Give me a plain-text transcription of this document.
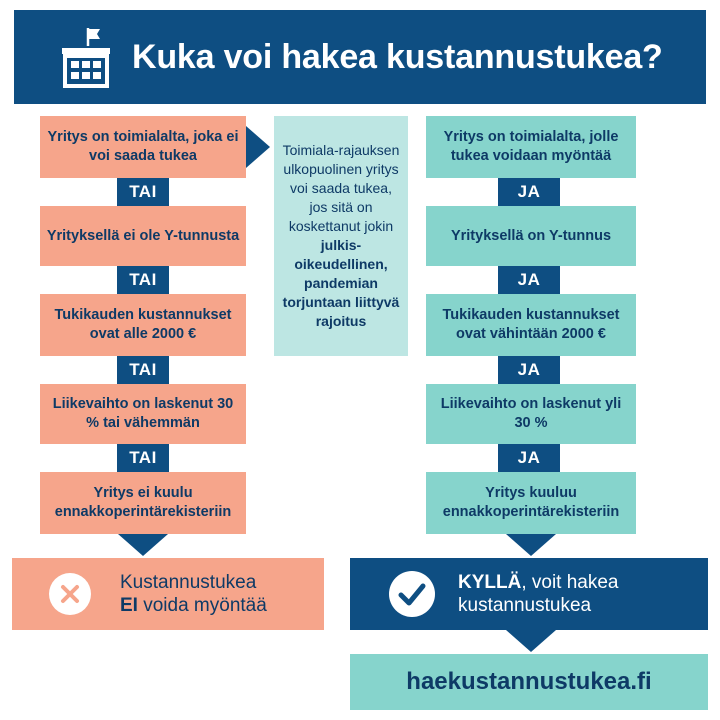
Kuka voi hakea kustannustukea?
Yritys on toimialalta, joka ei voi saada tukea
TAI
Yrityksellä ei ole Y-tunnusta
TAI
Tukikauden kustannukset ovat alle 2000 €
TAI
Liikevaihto on laskenut 30 % tai vähemmän
TAI
Yritys ei kuulu ennakkoperintärekisteriin
Toimiala-rajauksen ulkopuolinen yritys voi saada tukea, jos sitä on koskettanut jokin julkis-oikeudellinen, pandemian torjuntaan liittyvä rajoitus
Yritys on toimialalta, jolle tukea voidaan myöntää
JA
Yrityksellä on Y-tunnus
JA
Tukikauden kustannukset ovat vähintään 2000 €
JA
Liikevaihto on laskenut yli 30 %
JA
Yritys kuuluu ennakkoperintärekisteriin
Kustannustukea
EI voida myöntää
KYLLÄ, voit hakea
kustannustukea
haekustannustukea.fi
